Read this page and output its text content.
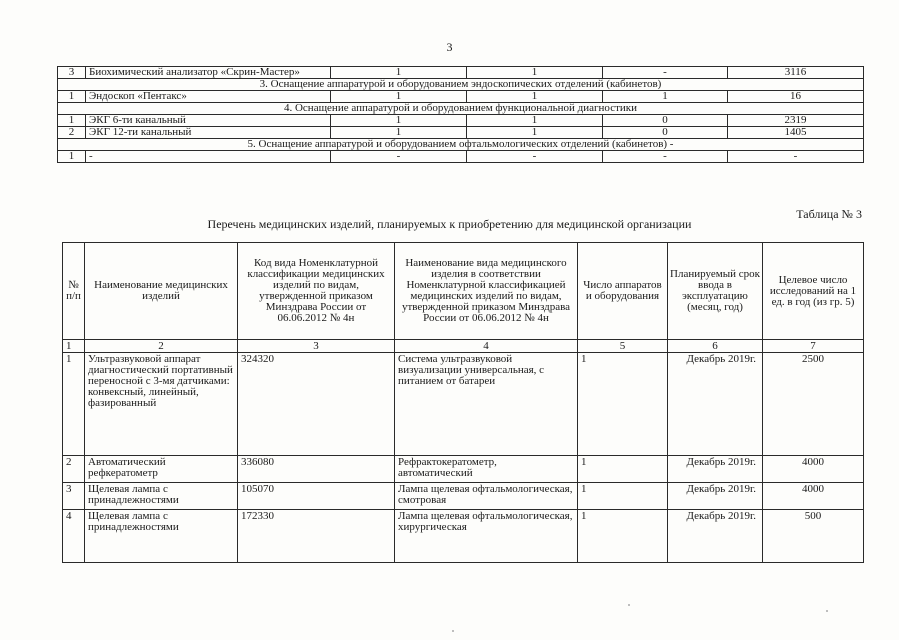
3
3	Биохимический анализатор «Скрин-Мастер»	1	1	-	3116
3. Оснащение аппаратурой и оборудованием эндоскопических отделений (кабинетов)					
1	Эндоскоп «Пентакс»	1	1	1	16
4. Оснащение аппаратурой и оборудованием функциональной диагностики					
1	ЭКГ 6-ти канальный	1	1	0	2319
2	ЭКГ 12-ти канальный	1	1	0	1405
5. Оснащение аппаратурой и оборудованием офтальмологических отделений (кабинетов) -					
1	-	-	-	-	-
Таблица № 3
Перечень медицинских изделий, планируемых к приобретению для медицинской организации
№ п/п	Наименование медицинских изделий	Код вида Номенклатурной классификации медицинских изделий по видам, утвержденной приказом Минздрава России от 06.06.2012 № 4н	Наименование вида медицинского изделия в соответствии Номенклатурной классификацией медицинских изделий по видам, утвержденной приказом Минздрава России от 06.06.2012 № 4н	Число аппаратов и оборудования	Планируемый срок ввода в эксплуатацию (месяц, год)	Целевое число исследований на 1 ед. в год (из гр. 5)
1	2	3	4	5	6	7
1	Ультразвуковой аппарат диагностический портативный переносной с 3-мя датчиками: конвексный, линейный, фазированный	324320	Система ультразвуковой визуализации универсальная, с питанием от батареи	1	Декабрь 2019г.	2500
2	Автоматический рефкератометр	336080	Рефрактокератометр, автоматический	1	Декабрь 2019г.	4000
3	Щелевая лампа с принадлежностями	105070	Лампа щелевая офтальмологическая, смотровая	1	Декабрь 2019г.	4000
4	Щелевая лампа с принадлежностями	172330	Лампа щелевая офтальмологическая, хирургическая	1	Декабрь 2019г.	500
